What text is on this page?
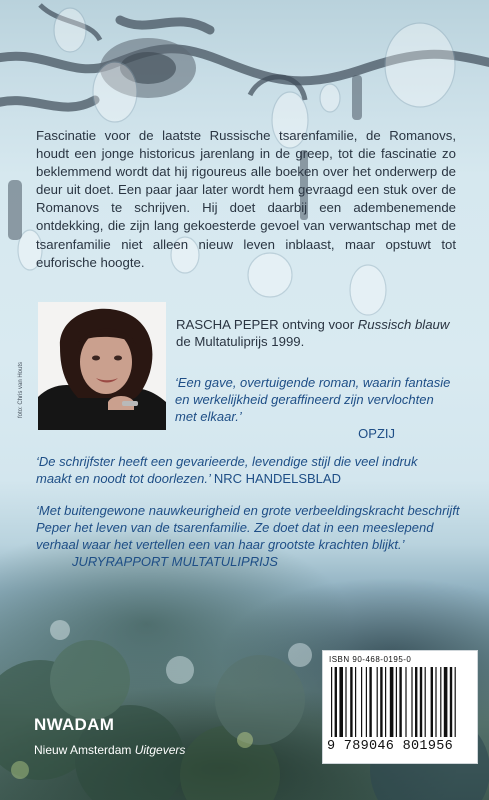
Fascinatie voor de laatste Russische tsarenfamilie, de Romanovs, houdt een jonge historicus jarenlang in de greep, tot die fascinatie zo beklemmend wordt dat hij rigoureus alle boeken over het onderwerp de deur uit doet. Een paar jaar later wordt hem gevraagd een stuk over de Romanovs te schrijven. Hij doet daarbij een adembenemende ontdekking, die zijn lang gekoesterde gevoel van verwantschap met de tsarenfamilie niet alleen nieuw leven inblaast, maar opstuwt tot euforische hoogte.

foto: Chris van Houts

RASCHA PEPER ontving voor Russisch blauw de Multatuliprijs 1999.

‘Een gave, overtuigende roman, waarin fantasie en werkelijkheid geraffineerd zijn vervlochten met elkaar.’
OPZIJ

‘De schrijfster heeft een gevarieerde, levendige stijl die veel indruk maakt en noodt tot doorlezen.’ NRC HANDELSBLAD

‘Met buitengewone nauwkeurigheid en grote verbeeldingskracht beschrijft Peper het leven van de tsarenfamilie. Ze doet dat in een meeslepend verhaal waar het vertellen een van haar grootste krachten blijkt.’
JURYRAPPORT MULTATULIPRIJS

ISBN 90-468-0195-0
9 789046 801956
NWADAM
Nieuw Amsterdam Uitgevers
